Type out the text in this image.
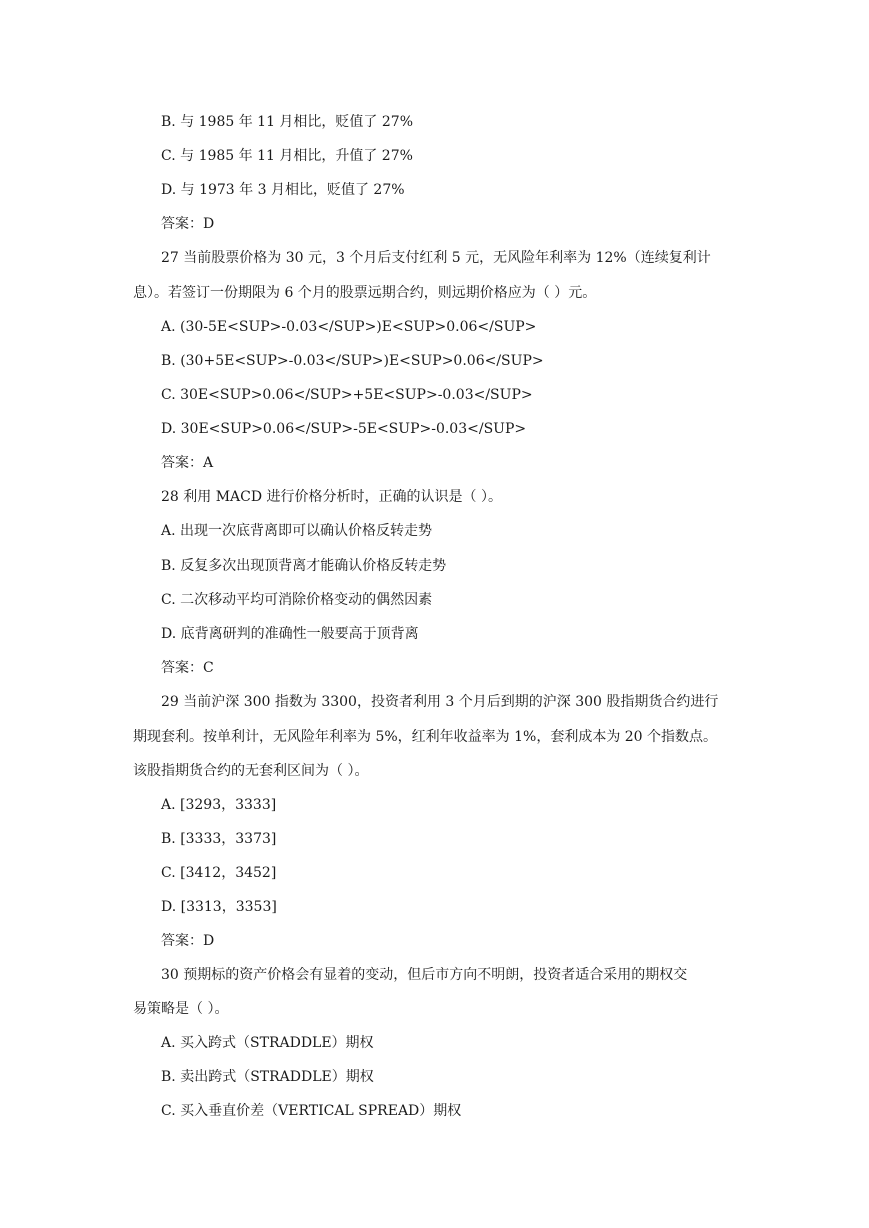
B. 与 1985 年 11 月相比，贬值了 27%
C. 与 1985 年 11 月相比，升值了 27%
D. 与 1973 年 3 月相比，贬值了 27%
答案：D
27 当前股票价格为 30 元，3 个月后支付红利 5 元，无风险年利率为 12%（连续复利计
息）。若签订一份期限为 6 个月的股票远期合约，则远期价格应为（ ）元。
A. (30-5E<SUP>-0.03</SUP>)E<SUP>0.06</SUP>
B. (30+5E<SUP>-0.03</SUP>)E<SUP>0.06</SUP>
C. 30E<SUP>0.06</SUP>+5E<SUP>-0.03</SUP>
D. 30E<SUP>0.06</SUP>-5E<SUP>-0.03</SUP>
答案：A
28 利用 MACD 进行价格分析时，正确的认识是（ ）。
A. 出现一次底背离即可以确认价格反转走势
B. 反复多次出现顶背离才能确认价格反转走势
C. 二次移动平均可消除价格变动的偶然因素
D. 底背离研判的准确性一般要高于顶背离
答案：C
29 当前沪深 300 指数为 3300，投资者利用 3 个月后到期的沪深 300 股指期货合约进行
期现套利。按单利计，无风险年利率为 5%，红利年收益率为 1%，套利成本为 20 个指数点。
该股指期货合约的无套利区间为（ ）。
A. [3293，3333]
B. [3333，3373]
C. [3412，3452]
D. [3313，3353]
答案：D
30 预期标的资产价格会有显着的变动，但后市方向不明朗，投资者适合采用的期权交
易策略是（ ）。
A. 买入跨式（STRADDLE）期权
B. 卖出跨式（STRADDLE）期权
C. 买入垂直价差（VERTICAL SPREAD）期权
